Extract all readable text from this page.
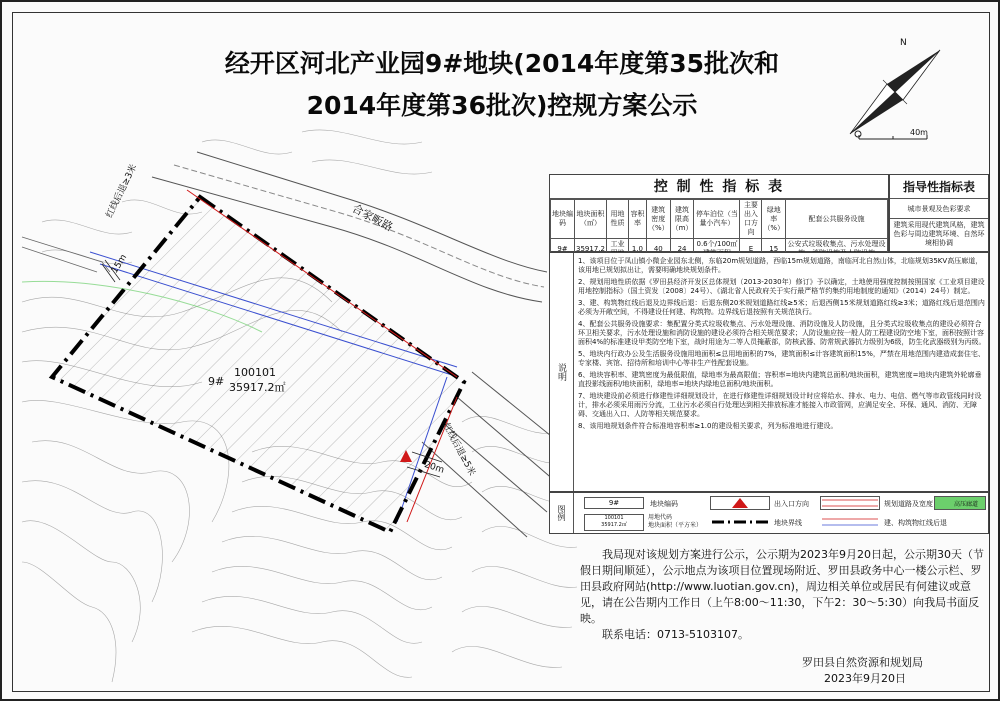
经开区河北产业园9#地块(2014年度第35批次和
2014年度第36批次)控规方案公示
N
40m
合家畈路
9#
100101
35917.2㎡
红线后退≥3米
15m
红线后退≥5米
20m
控 制 性 指 标 表
地块编码	地块面积（㎡）	用地性质	容积率	建筑密度（%）	建筑限高（m）	停车泊位（当量小汽车）	主要出入口方向	绿地率（%）	配套公共服务设施
9#	35917.2	工业	1.0	40	24	0.6个/100㎡	E	15	公安式垃圾收集点、污水处理设
指导性指标表
城市景观及色彩要求
建筑采用现代建筑风格，建筑色彩与周边建筑环境、自然环境相协调
说明

1、该项目位于凤山镇小微企业园东北侧，东临20m规划道路，西临15m规划道路，南临河北自然山体，北临规划35KV高压廊道，该用地已规划拟出让，需要明确地块规划条件。

2、规划用地性质依据《罗田县经济开发区总体规划（2013-2030年）修订》予以确定，土地使用强度控制按照国家《工业项目建设用地控制指标》（国土资发〔2008〕24号）、《湖北省人民政府关于实行最严格节约集约用地制度的通知》（2014）24号）制定。

3、建、构筑物红线后退及边界线后退：后退东侧20米规划道路红线≥5米；后退西侧15米规划道路红线≥3米；道路红线后退范围内必须为开敞空间，不得建设任何建、构筑物。边界线后退按照有关规范执行。

4、配套公共服务设施要求：集配置分类式垃圾收集点、污水处理设施、消防设施及人防设施，且分类式垃圾收集点的建设必须符合环卫相关要求，污水处理设施和消防设施的建设必须符合相关规范要求；人防设施应按一般人防工程建设防空地下室，面积按照计容面积4%的标准建设甲类防空地下室，战时用途为二等人员掩蔽部，防核武器、防常规武器抗力级别为6级，防生化武器级别为丙级。

5、地块内行政办公及生活服务设施用地面积≤总用地面积的7%，建筑面积≤计容建筑面积15%，严禁在用地范围内建造成套住宅、专家楼、宾馆、招待所和培训中心等非生产性配套设施。

6、地块容积率、建筑密度为最低限值，绿地率为最高限值；容积率=地块内建筑总面积/地块面积，建筑密度=地块内建筑外轮廓垂直投影线面积/地块面积，绿地率=地块内绿地总面积/地块面积。

7、地块建设前必须进行修建性详细规划设计，在进行修建性详细规划设计时应将给水、排水、电力、电信、燃气等市政管线同时设计，排水必须采用雨污分流，工业污水必须自行处理达到相关排放标准才能接入市政管网，应满足安全、环保、通风、消防、无障碍、交通出入口、人防等相关规范要求。

8、该用地规划条件符合标准地容积率≥1.0的建设相关要求，列为标准地进行建设。

图例
9#	地块编码	出入口方向	规划道路及宽度	高压廊道
100101
35917.2㎡
用地代码
地块面积（平方米）	地块界线	建、构筑物红线后退

我局现对该规划方案进行公示，公示期为2023年9月20日起，公示期30天（节假日期间顺延），公示地点为该项目位置现场附近、罗田县政务中心一楼公示栏、罗田县政府网站(http://www.luotian.gov.cn)，周边相关单位或居民有何建议或意见，请在公告期内工作日（上午8:00～11:30，下午2：30～5:30）向我局书面反映。

联系电话：0713-5103107。

罗田县自然资源和规划局
2023年9月20日
